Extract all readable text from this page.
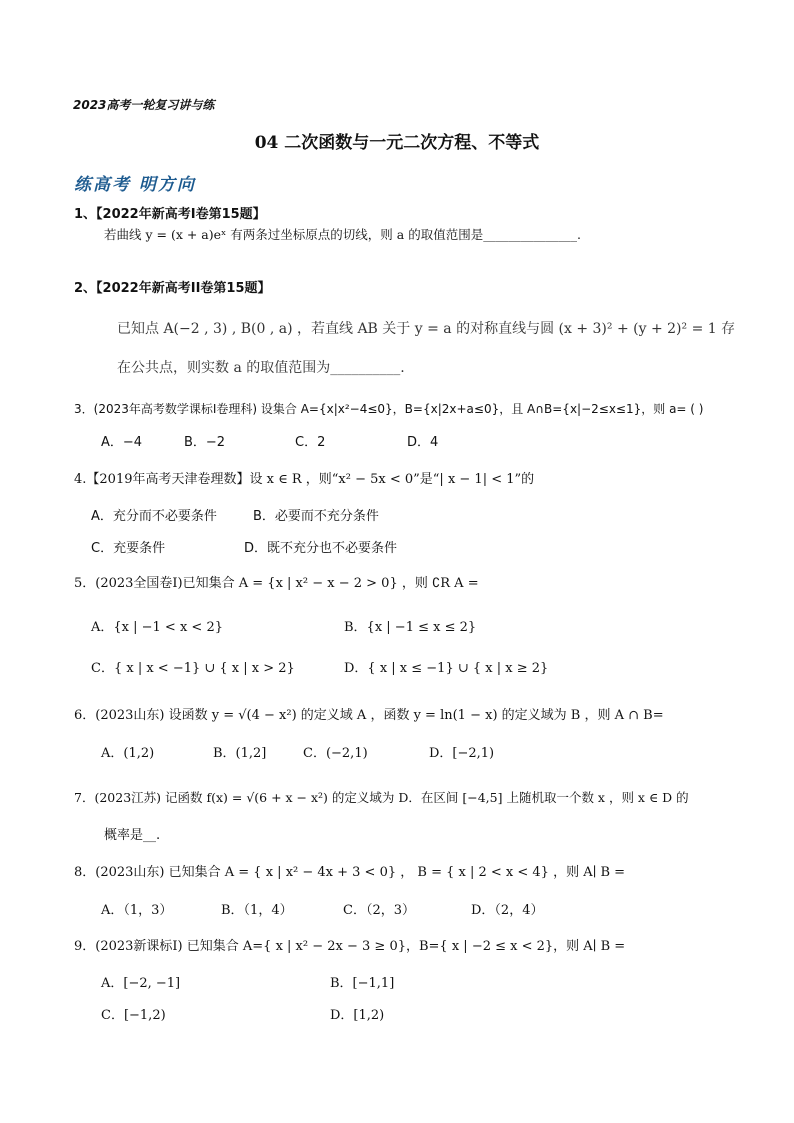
2023高考一轮复习讲与练
04 二次函数与一元二次方程、不等式
练高考 明方向
1、【2022年新高考I卷第15题】
若曲线 y = (x + a)eˣ 有两条过坐标原点的切线，则 a 的取值范围是_______________.
2、【2022年新高考II卷第15题】
已知点 A(−2 , 3) , B(0 , a) ，若直线 AB 关于 y = a 的对称直线与圆 (x + 3)² + (y + 2)² = 1 存
在公共点，则实数 a 的取值范围为__________.
3．(2023年高考数学课标Ⅰ卷理科) 设集合 A={x|x²−4≤0}，B={x|2x+a≤0}，且 A∩B={x|−2≤x≤1}，则 a= ( )
A．−4	B．−2	C．2	D．4
4.【2019年高考天津卷理数】设 x ∈ R ，则“x² − 5x < 0”是“| x − 1| < 1”的
A．充分而不必要条件	B．必要而不充分条件
C．充要条件	D．既不充分也不必要条件
5．(2023全国卷Ⅰ)已知集合 A = {x | x² − x − 2 > 0} ，则 ∁R A =
A．{x | −1 < x < 2}	B．{x | −1 ≤ x ≤ 2}
C．{ x | x < −1} ∪ { x | x > 2}	D．{ x | x ≤ −1} ∪ { x | x ≥ 2}
6．(2023山东) 设函数 y = √(4 − x²) 的定义域 A ，函数 y = ln(1 − x) 的定义域为 B ，则 A ∩ B=
A．(1,2)	B．(1,2]	C．(−2,1)	D．[−2,1)
7．(2023江苏) 记函数 f(x) = √(6 + x − x²) 的定义域为 D．在区间 [−4,5] 上随机取一个数 x ，则 x ∈ D 的
概率是__.
8．(2023山东) 已知集合 A = { x | x² − 4x + 3 < 0} ， B = { x | 2 < x < 4} ，则 A∣ B =
A．（1，3）	B．（1，4）	C．（2，3）	D．（2，4）
9．(2023新课标Ⅰ) 已知集合 A={ x | x² − 2x − 3 ≥ 0}，B={ x | −2 ≤ x < 2}，则 A∣ B =
A．[−2, −1]	B．[−1,1]
C．[−1,2)	D．[1,2)
